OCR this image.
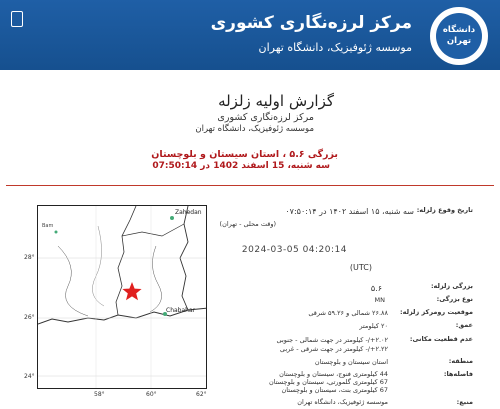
مرکز لرزه‌نگاری کشوری
موسسه ژئوفیزیک، دانشگاه تهران
دانشگاه
تهران
گزارش اولیه زلزله
مرکز لرزه‌نگاری کشوری
موسسه ژئوفیزیک، دانشگاه تهران
بزرگی ۵.۶ ، استان سیستان و بلوچستان
سه شنبه، 15 اسفند 1402 در 07:50:14
Zahedan
Bam
Chabahar
28°
26°
24°
58°	60°	62°
تاریخ وقوع زلزله:
سه شنبه، ۱۵ اسفند ۱۴۰۲ در ۰۷:۵۰:۱۴
(وقت محلی - تهران)
2024-03-05 04:20:14
(UTC)
بزرگی زلزله:
۵.۶
نوع بزرگی:
MN
موقعیت رومرکز زلزله:
۲۶.۸۸ شمالی و ۵۹.۲۶ شرقی
عمق:
۲۰ کیلومتر
عدم قطعیت مکانی:
۲.۰۲+/- کیلومتر در جهت شمالی - جنوبی
۲.۲۲+/- کیلومتر در جهت شرقی - غربی
منطقه:
استان سیستان و بلوچستان
فاصله‌ها:
44 کیلومتری فنوج، سیستان و بلوچستان
67 کیلومتری گلمورتی، سیستان و بلوچستان
67 کیلومتری بنت، سیستان و بلوچستان
منبع:
موسسه ژئوفیزیک، دانشگاه تهران
